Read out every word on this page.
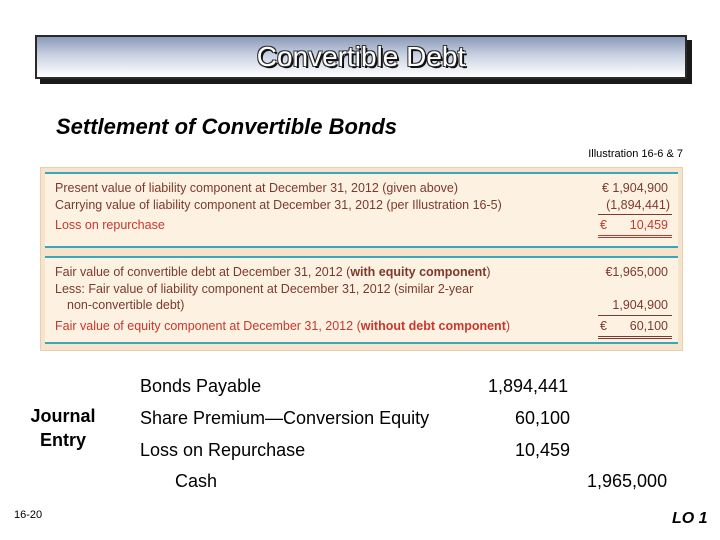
Convertible Debt
Settlement of Convertible Bonds
Illustration 16-6 & 7
Present value of liability component at December 31, 2012 (given above)	€ 1,904,900
Carrying value of liability component at December 31, 2012 (per Illustration 16-5)	(1,894,441)
Loss on repurchase	€ 10,459
Fair value of convertible debt at December 31, 2012 (with equity component)	€1,965,000
Less: Fair value of liability component at December 31, 2012 (similar 2-year
non-convertible debt)	1,904,900
Fair value of equity component at December 31, 2012 (without debt component)	€ 60,100
Journal
Entry
Bonds Payable	1,894,441
Share Premium—Conversion Equity	60,100
Loss on Repurchase	10,459
Cash	1,965,000
16-20	LO 1
